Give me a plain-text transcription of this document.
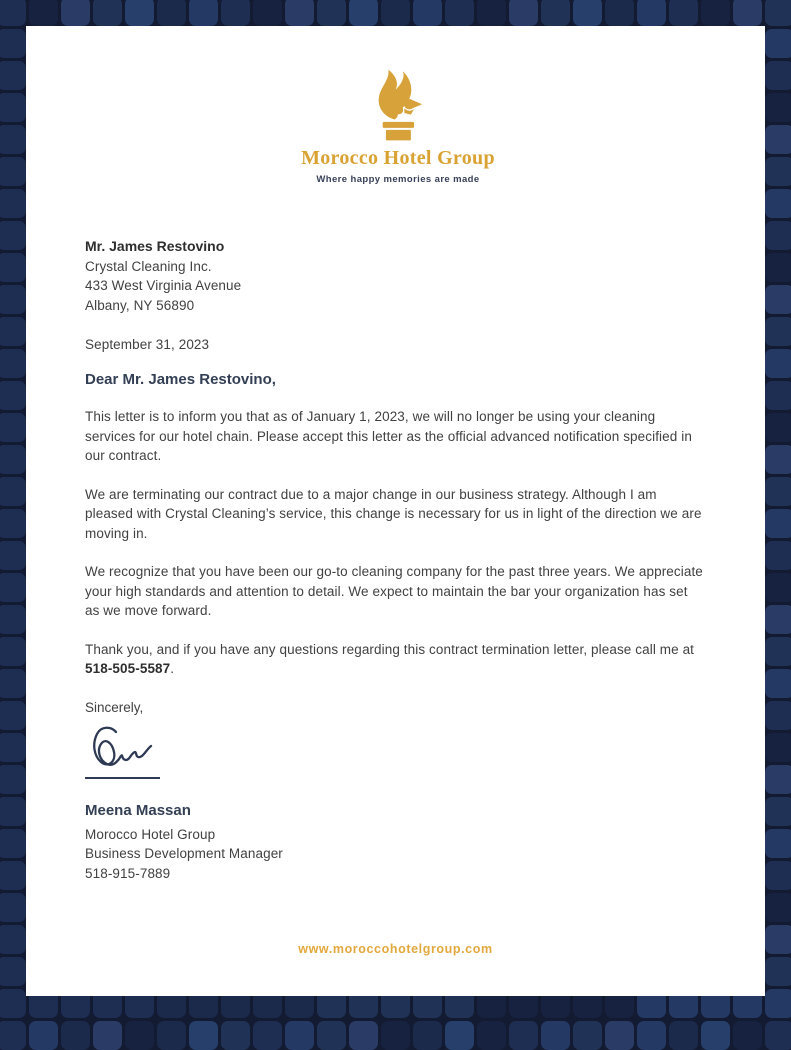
Morocco Hotel Group
Where happy memories are made
Mr. James Restovino
Crystal Cleaning Inc.
433 West Virginia Avenue
Albany, NY 56890
September 31, 2023
Dear Mr. James Restovino,

This letter is to inform you that as of January 1, 2023, we will no longer be using your cleaning services for our hotel chain. Please accept this letter as the official advanced notification specified in our contract.

We are terminating our contract due to a major change in our business strategy. Although I am pleased with Crystal Cleaning’s service, this change is necessary for us in light of the direction we are moving in.

We recognize that you have been our go-to cleaning company for the past three years. We appreciate your high standards and attention to detail. We expect to maintain the bar your organization has set as we move forward.

Thank you, and if you have any questions regarding this contract termination letter, please call me at 518-505-5587.

Sincerely,
Meena Massan
Morocco Hotel Group
Business Development Manager
518-915-7889
www.moroccohotelgroup.com
